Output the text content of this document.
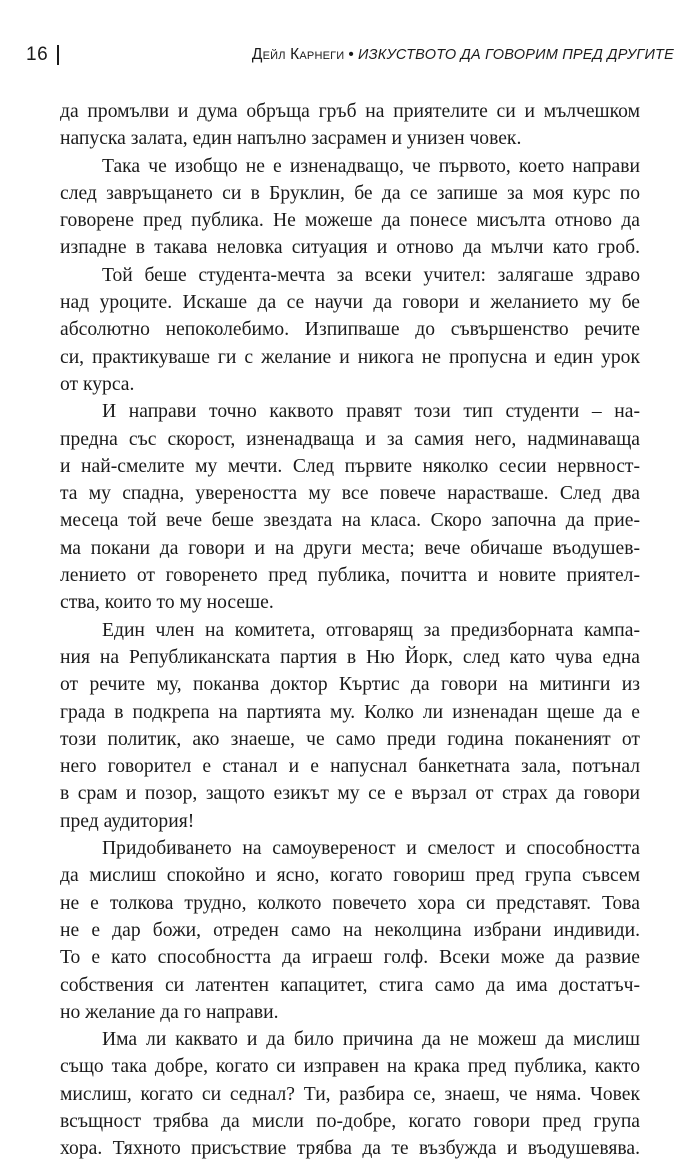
16	Дейл Карнеги • ИЗКУСТВОТО ДА ГОВОРИМ ПРЕД ДРУГИТЕ
да промълви и дума обръща гръб на приятелите си и мълчешком
напуска залата, един напълно засрамен и унизен човек.
Така че изобщо не е изненадващо, че първото, което направи
след завръщането си в Бруклин, бе да се запише за моя курс по
говорене пред публика. Не можеше да понесе мисълта отново да
изпадне в такава неловка ситуация и отново да мълчи като гроб.
Той беше студента-мечта за всеки учител: залягаше здраво
над уроците. Искаше да се научи да говори и желанието му бе
абсолютно непоколебимо. Изпипваше до съвършенство речите
си, практикуваше ги с желание и никога не пропусна и един урок
от курса.
И направи точно каквото правят този тип студенти – на-
предна със скорост, изненадваща и за самия него, надминаваща
и най-смелите му мечти. След първите няколко сесии нервност-
та му спадна, увереността му все повече нарастваше. След два
месеца той вече беше звездата на класа. Скоро започна да прие-
ма покани да говори и на други места; вече обичаше въодушев-
лението от говоренето пред публика, почитта и новите приятел-
ства, които то му носеше.
Един член на комитета, отговарящ за предизборната кампа-
ния на Републиканската партия в Ню Йорк, след като чува една
от речите му, поканва доктор Къртис да говори на митинги из
града в подкрепа на партията му. Колко ли изненадан щеше да е
този политик, ако знаеше, че само преди година поканеният от
него говорител е станал и е напуснал банкетната зала, потънал
в срам и позор, защото езикът му се е вързал от страх да говори
пред аудитория!
Придобиването на самоувереност и смелост и способността
да мислиш спокойно и ясно, когато говориш пред група съвсем
не е толкова трудно, колкото повечето хора си представят. Това
не е дар божи, отреден само на неколцина избрани индивиди.
То е като способността да играеш голф. Всеки може да развие
собствения си латентен капацитет, стига само да има достатъч-
но желание да го направи.
Има ли каквато и да било причина да не можеш да мислиш
също така добре, когато си изправен на крака пред публика, както
мислиш, когато си седнал? Ти, разбира се, знаеш, че няма. Човек
всъщност трябва да мисли по-добре, когато говори пред група
хора. Тяхното присъствие трябва да те възбужда и въодушевява.
